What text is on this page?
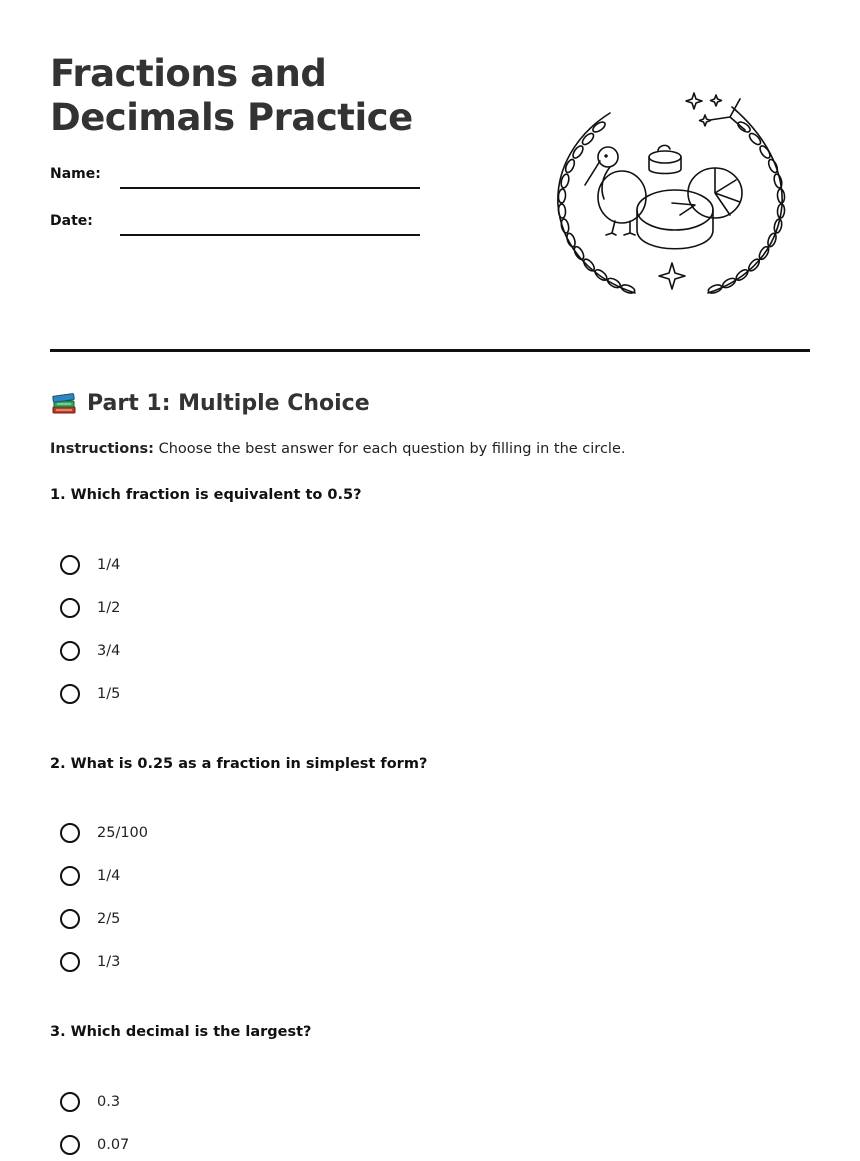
Fractions and Decimals Practice
Name:
Date:
Part 1: Multiple Choice
Instructions: Choose the best answer for each question by filling in the circle.
1. Which fraction is equivalent to 0.5?
1/4
1/2
3/4
1/5
2. What is 0.25 as a fraction in simplest form?
25/100
1/4
2/5
1/3
3. Which decimal is the largest?
0.3
0.07
